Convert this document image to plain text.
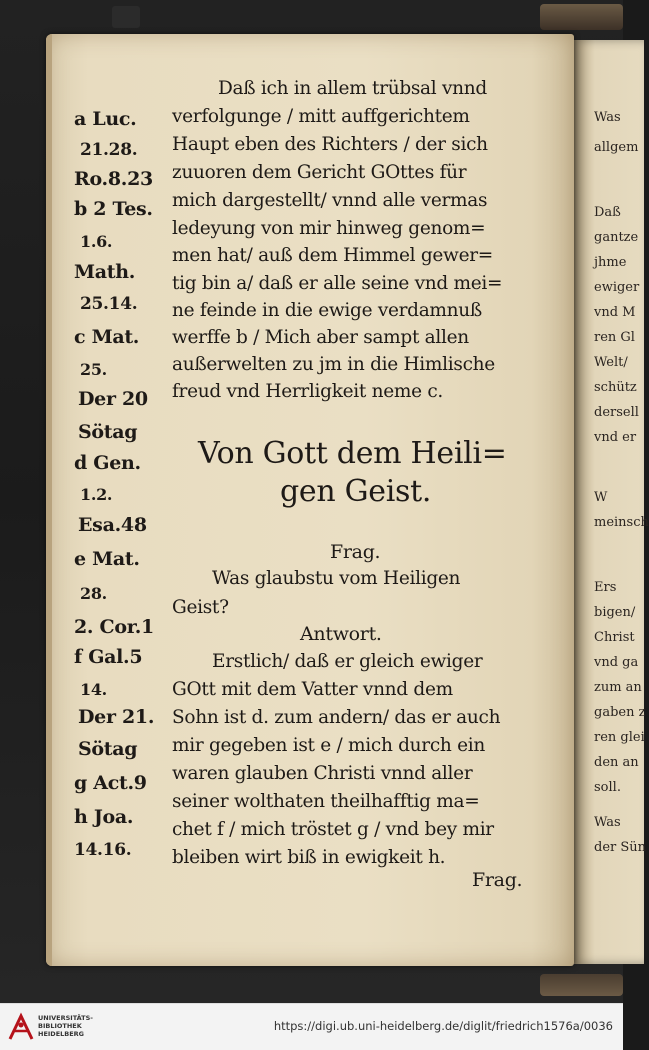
Was
allgem
Daß
gantze
jhme
ewiger
vnd M
ren Gl
Welt/
schütz
dersell
vnd er
W
meinsch
Ers
bigen/
Christ
vnd ga
zum an
gaben z
ren glei
den an
soll.
Was
der Sün
Daß ich in allem trübsal vnnd
verfolgunge / mitt auffgerichtem
Haupt eben des Richters / der sich
zuuoren dem Gericht GOttes für
mich dargestellt/ vnnd alle vermas
ledeyung von mir hinweg genom=
men hat/ auß dem Himmel gewer=
tig bin a/ daß er alle seine vnd mei=
ne feinde in die ewige verdamnuß
werffe b / Mich aber sampt allen
außerwelten zu jm in die Himlische
freud vnd Herrligkeit neme c.
Von Gott dem Heili=
gen Geist.
Frag.
Was glaubstu vom Heiligen
Geist?
Antwort.
Erstlich/ daß er gleich ewiger
GOtt mit dem Vatter vnnd dem
Sohn ist d. zum andern/ das er auch
mir gegeben ist e / mich durch ein
waren glauben Christi vnnd aller
seiner wolthaten theilhafftig ma=
chet f / mich tröstet g / vnd bey mir
bleiben wirt biß in ewigkeit h.
Frag.
a Luc.
21.28.
Ro.8.23
b 2 Tes.
1.6.
Math.
25.14.
c Mat.
25.
Der 20
Sötag
d Gen.
1.2.
Esa.48
e Mat.
28.
2. Cor.1
f Gal.5
14.
Der 21.
Sötag
g Act.9
h Joa.
14.16.
UNIVERSITÄTS-
BIBLIOTHEK
HEIDELBERG
https://digi.ub.uni-heidelberg.de/diglit/friedrich1576a/0036
